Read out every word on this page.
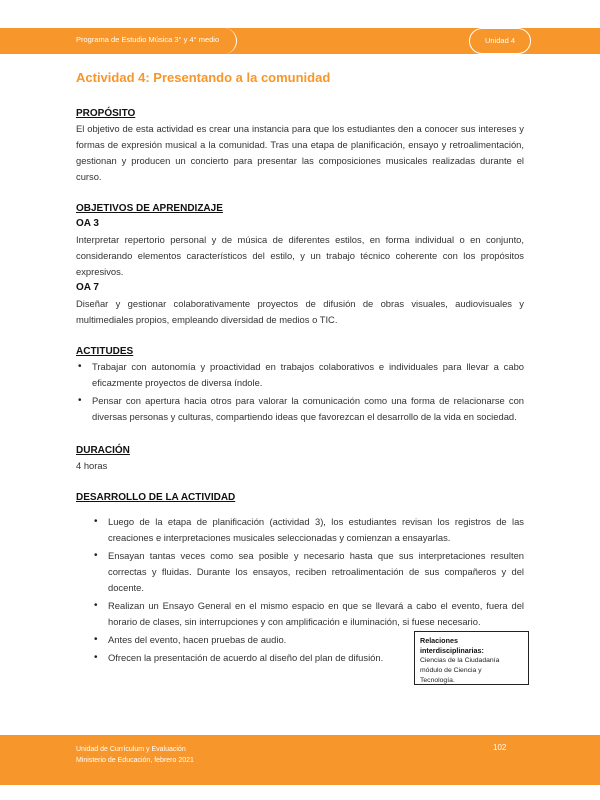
Programa de Estudio Música 3° y 4° medio	Unidad 4
Actividad 4: Presentando a la comunidad

PROPÓSITO

El objetivo de esta actividad es crear una instancia para que los estudiantes den a conocer sus intereses y formas de expresión musical a la comunidad. Tras una etapa de planificación, ensayo y retroalimentación, gestionan y producen un concierto para presentar las composiciones musicales realizadas durante el curso.

OBJETIVOS DE APRENDIZAJE

OA 3

Interpretar repertorio personal y de música de diferentes estilos, en forma individual o en conjunto, considerando elementos característicos del estilo, y un trabajo técnico coherente con los propósitos expresivos.

OA 7

Diseñar y gestionar colaborativamente proyectos de difusión de obras visuales, audiovisuales y multimediales propios, empleando diversidad de medios o TIC.

ACTITUDES

• Trabajar con autonomía y proactividad en trabajos colaborativos e individuales para llevar a cabo eficazmente proyectos de diversa índole.
• Pensar con apertura hacia otros para valorar la comunicación como una forma de relacionarse con diversas personas y culturas, compartiendo ideas que favorezcan el desarrollo de la vida en sociedad.

DURACIÓN

4 horas

DESARROLLO DE LA ACTIVIDAD

• Luego de la etapa de planificación (actividad 3), los estudiantes revisan los registros de las creaciones e interpretaciones musicales seleccionadas y comienzan a ensayarlas.
• Ensayan tantas veces como sea posible y necesario hasta que sus interpretaciones resulten correctas y fluidas. Durante los ensayos, reciben retroalimentación de sus compañeros y del docente.
• Realizan un Ensayo General en el mismo espacio en que se llevará a cabo el evento, fuera del horario de clases, sin interrupciones y con amplificación e iluminación, si fuese necesario.
• Antes del evento, hacen pruebas de audio.
• Ofrecen la presentación de acuerdo al diseño del plan de difusión.

Relaciones interdisciplinarias:

Ciencias de la Ciudadanía

módulo de Ciencia y

Tecnología.

Unidad de Currículum y Evaluación
Ministerio de Educación, febrero 2021
102
